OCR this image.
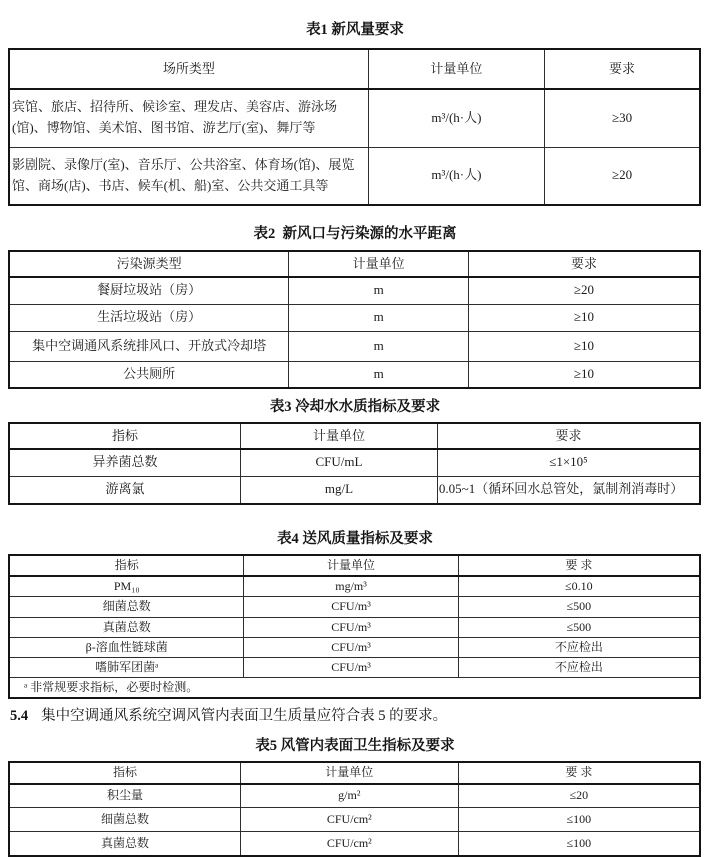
表1 新风量要求
场所类型	计量单位	要求
宾馆、旅店、招待所、候诊室、理发店、美容店、游泳场(馆)、博物馆、美术馆、图书馆、游艺厅(室)、舞厅等	m³/(h·人)	≥30
影剧院、录像厅(室)、音乐厅、公共浴室、体育场(馆)、展览馆、商场(店)、书店、候车(机、船)室、公共交通工具等	m³/(h·人)	≥20
表2  新风口与污染源的水平距离
污染源类型	计量单位	要求
餐厨垃圾站（房）	m	≥20
生活垃圾站（房）	m	≥10
集中空调通风系统排风口、开放式冷却塔	m	≥10
公共厕所	m	≥10
表3 冷却水水质指标及要求
指标	计量单位	要求
异养菌总数	CFU/mL	≤1×10⁵
游离氯	mg/L	0.05~1（循环回水总管处，氯制剂消毒时）
表4 送风质量指标及要求
指标	计量单位	要 求
PM₁₀	mg/m³	≤0.10
细菌总数	CFU/m³	≤500
真菌总数	CFU/m³	≤500
β-溶血性链球菌	CFU/m³	不应检出
嗜肺军团菌ᵃ	CFU/m³	不应检出
ᵃ 非常规要求指标，必要时检测。		
5.4 集中空调通风系统空调风管内表面卫生质量应符合表 5 的要求。
表5 风管内表面卫生指标及要求
指标	计量单位	要 求
积尘量	g/m²	≤20
细菌总数	CFU/cm²	≤100
真菌总数	CFU/cm²	≤100
